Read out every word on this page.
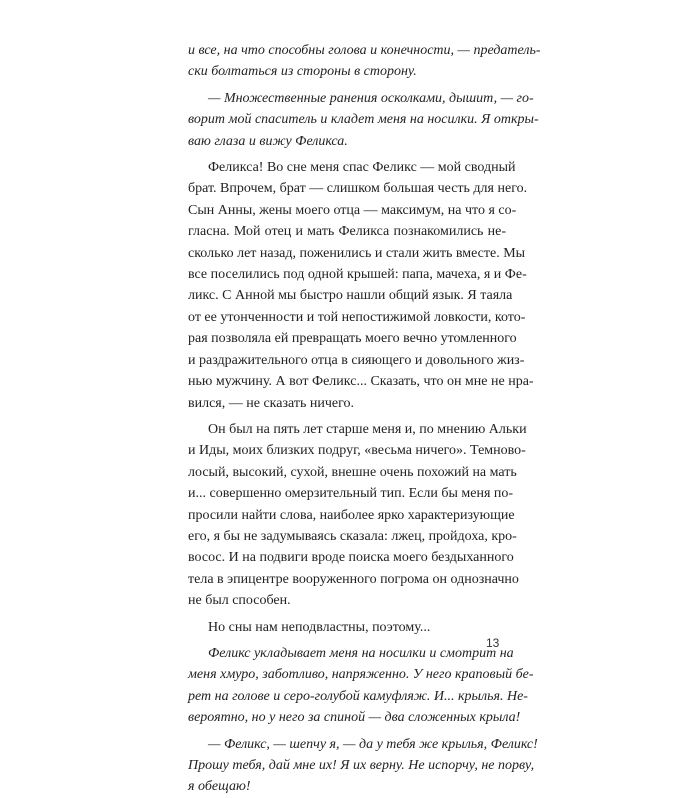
и все, на что способны голова и конечности, — предатель-
ски болтаться из стороны в сторону.

— Множественные ранения осколками, дышит, — го-
ворит мой спаситель и кладет меня на носилки. Я откры-
ваю глаза и вижу Феликса.

Феликса! Во сне меня спас Феликс — мой сводный
брат. Впрочем, брат — слишком большая честь для него.
Сын Анны, жены моего отца — максимум, на что я со-
гласна. Мой отец и мать Феликса познакомились не-
сколько лет назад, поженились и стали жить вместе. Мы
все поселились под одной крышей: папа, мачеха, я и Фе-
ликс. С Анной мы быстро нашли общий язык. Я таяла
от ее утонченности и той непостижимой ловкости, кото-
рая позволяла ей превращать моего вечно утомленного
и раздражительного отца в сияющего и довольного жиз-
нью мужчину. А вот Феликс... Сказать, что он мне не нра-
вился, — не сказать ничего.

Он был на пять лет старше меня и, по мнению Альки
и Иды, моих близких подруг, «весьма ничего». Темново-
лосый, высокий, сухой, внешне очень похожий на мать
и... совершенно омерзительный тип. Если бы меня по-
просили найти слова, наиболее ярко характеризующие
его, я бы не задумываясь сказала: лжец, пройдоха, кро-
восос. И на подвиги вроде поиска моего бездыханного
тела в эпицентре вооруженного погрома он однозначно
не был способен.

Но сны нам неподвластны, поэтому...

Феликс укладывает меня на носилки и смотрит на
меня хмуро, заботливо, напряженно. У него краповый бе-
рет на голове и серо-голубой камуфляж. И... крылья. Не-
вероятно, но у него за спиной — два сложенных крыла!

— Феликс, — шепчу я, — да у тебя же крылья, Феликс!
Прошу тебя, дай мне их! Я их верну. Не испорчу, не порву,
я обещаю!

13
